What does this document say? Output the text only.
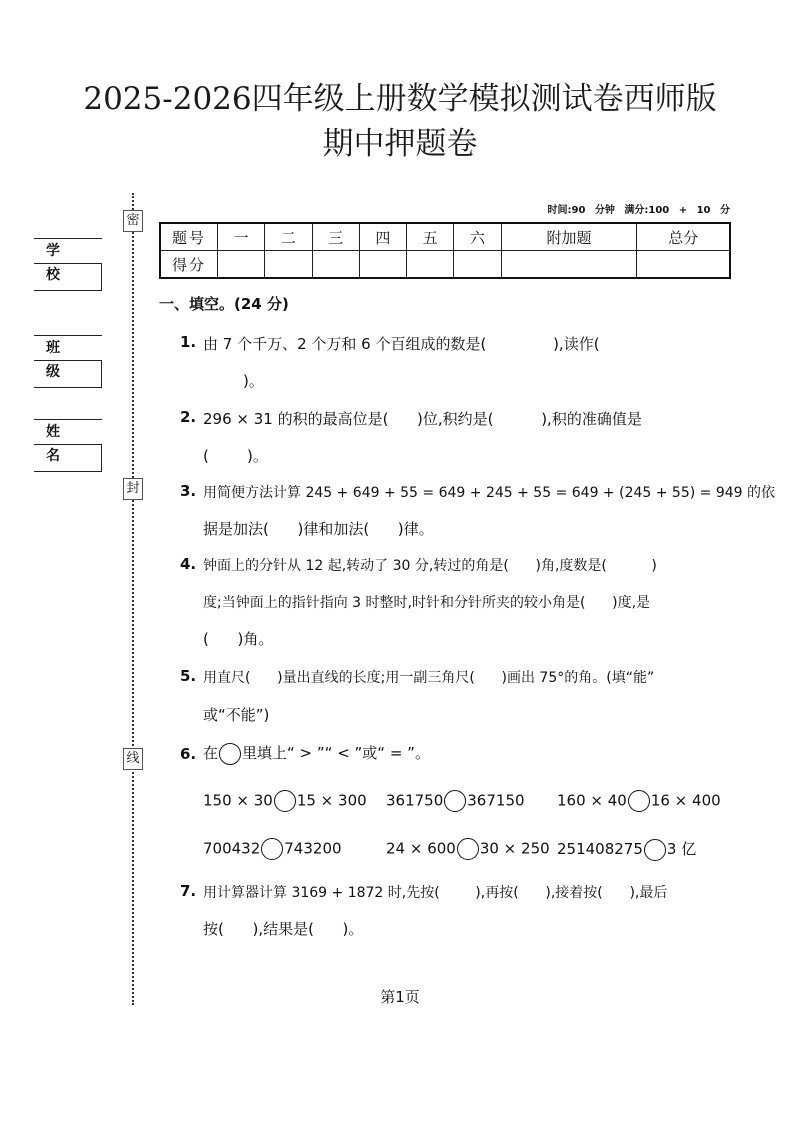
2025-2026四年级上册数学模拟测试卷西师版
期中押题卷
密
封
线
学 校
班 级
姓 名
时间:90 分钟 满分:100 + 10 分
题号	一	二	三	四	五	六	附加题	总分
得分								
一、填空。(24 分)
1. 由 7 个千万、2 个万和 6 个百组成的数是(              ),读作(
)。
2. 296 × 31 的积的最高位是(      )位,积约是(          ),积的准确值是
(        )。
3. 用简便方法计算 245 + 649 + 55 = 649 + 245 + 55 = 649 + (245 + 55) = 949 的依
据是加法(      )律和加法(      )律。
4. 钟面上的分针从 12 起,转动了 30 分,转过的角是(      )角,度数是(          )
度;当钟面上的指针指向 3 时整时,时针和分针所夹的较小角是(      )度,是
(      )角。
5. 用直尺(      )量出直线的长度;用一副三角尺(      )画出 75°的角。(填“能”
或“不能”)
6. 在 里填上“ > ”“ < ”或“ = ”。
150 × 30 15 × 300 361750 367150 160 × 40 16 × 400
700432 743200	24 × 600 30 × 250 251408275 3 亿
7. 用计算器计算 3169 + 1872 时,先按(        ),再按(      ),接着按(      ),最后
按(      ),结果是(      )。
第1页
